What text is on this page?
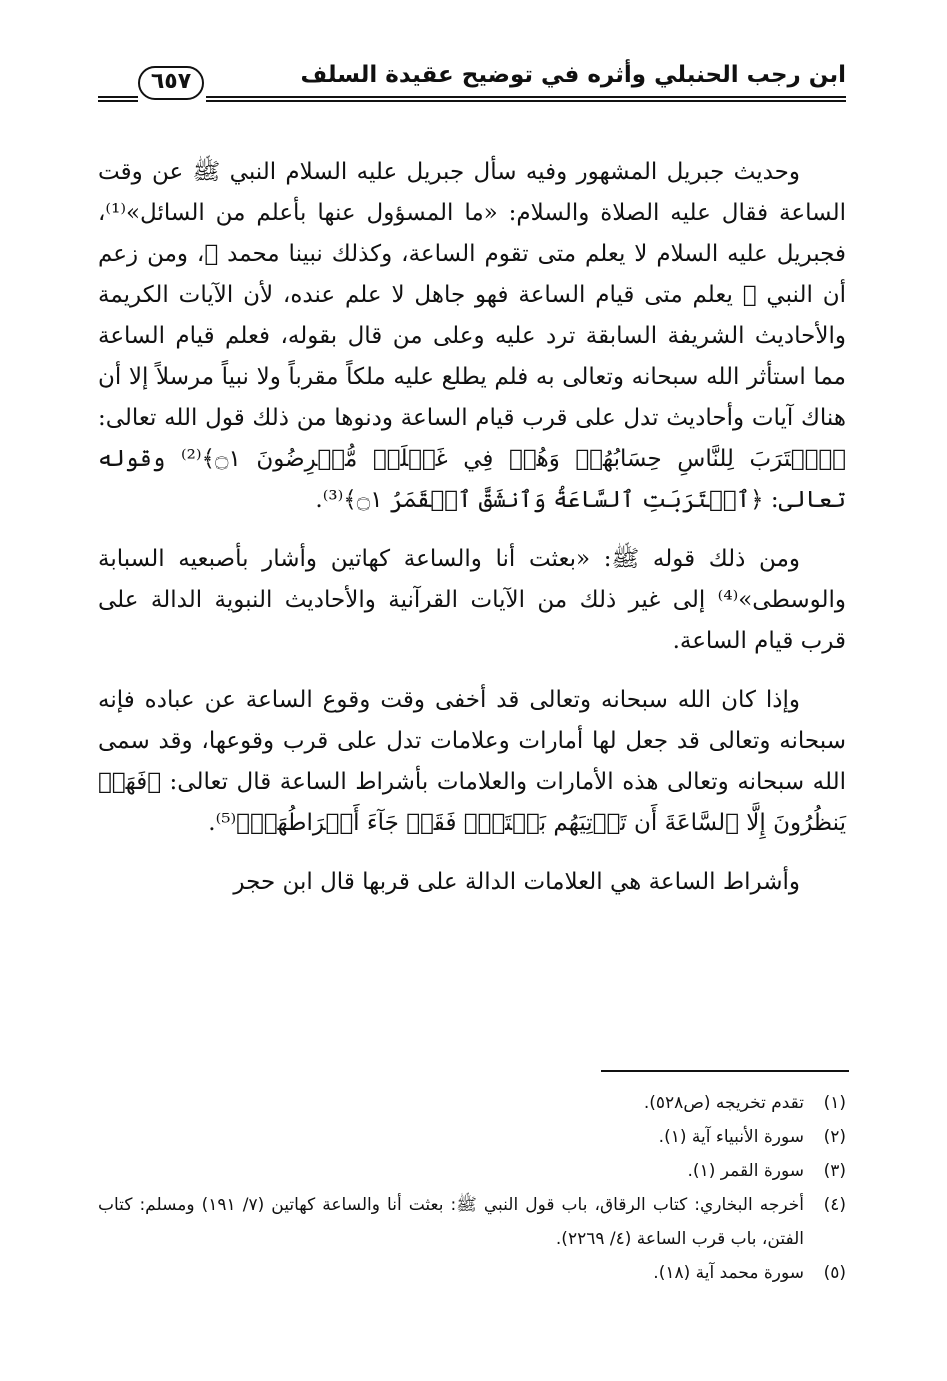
ابن رجب الحنبلي وأثره في توضيح عقيدة السلف
٦٥٧

وحديث جبريل المشهور وفيه سأل جبريل عليه السلام النبي ﷺ عن وقت الساعة فقال عليه الصلاة والسلام: «ما المسؤول عنها بأعلم من السائل»⁽¹⁾، فجبريل عليه السلام لا يعلم متى تقوم الساعة، وكذلك نبينا محمد ﷺ، ومن زعم أن النبي ﷺ يعلم متى قيام الساعة فهو جاهل لا علم عنده، لأن الآيات الكريمة والأحاديث الشريفة السابقة ترد عليه وعلى من قال بقوله، فعلم قيام الساعة مما استأثر الله سبحانه وتعالى به فلم يطلع عليه ملكاً مقرباً ولا نبياً مرسلاً إلا أن هناك آيات وأحاديث تدل على قرب قيام الساعة ودنوها من ذلك قول الله تعالى: ﴿ٱقۡتَرَبَ لِلنَّاسِ حِسَابُهُمۡ وَهُمۡ فِي غَفۡلَةٖ مُّعۡرِضُونَ ۝١﴾⁽²⁾ وقوله تعالى: ﴿ٱقۡتَرَبَتِ ٱلسَّاعَةُ وَٱنشَقَّ ٱلۡقَمَرُ ۝١﴾⁽³⁾.

ومن ذلك قوله ﷺ: «بعثت أنا والساعة كهاتين وأشار بأصبعيه السبابة والوسطى»⁽⁴⁾ إلى غير ذلك من الآيات القرآنية والأحاديث النبوية الدالة على قرب قيام الساعة.

وإذا كان الله سبحانه وتعالى قد أخفى وقت وقوع الساعة عن عباده فإنه سبحانه وتعالى قد جعل لها أمارات وعلامات تدل على قرب وقوعها، وقد سمى الله سبحانه وتعالى هذه الأمارات والعلامات بأشراط الساعة قال تعالى: ﴿فَهَلۡ يَنظُرُونَ إِلَّا ٱلسَّاعَةَ أَن تَأۡتِيَهُم بَغۡتَةٗۖ فَقَدۡ جَآءَ أَشۡرَاطُهَاۚ﴾⁽⁵⁾.

وأشراط الساعة هي العلامات الدالة على قربها قال ابن حجر

(١)
تقدم تخريجه (ص٥٢٨).

(٢)
سورة الأنبياء آية (١).

(٣)
سورة القمر (١).

(٤)
أخرجه البخاري: كتاب الرقاق، باب قول النبي ﷺ: بعثت أنا والساعة كهاتين (٧/ ١٩١) ومسلم: كتاب الفتن، باب قرب الساعة (٤/ ٢٢٦٩).

(٥)
سورة محمد آية (١٨).
